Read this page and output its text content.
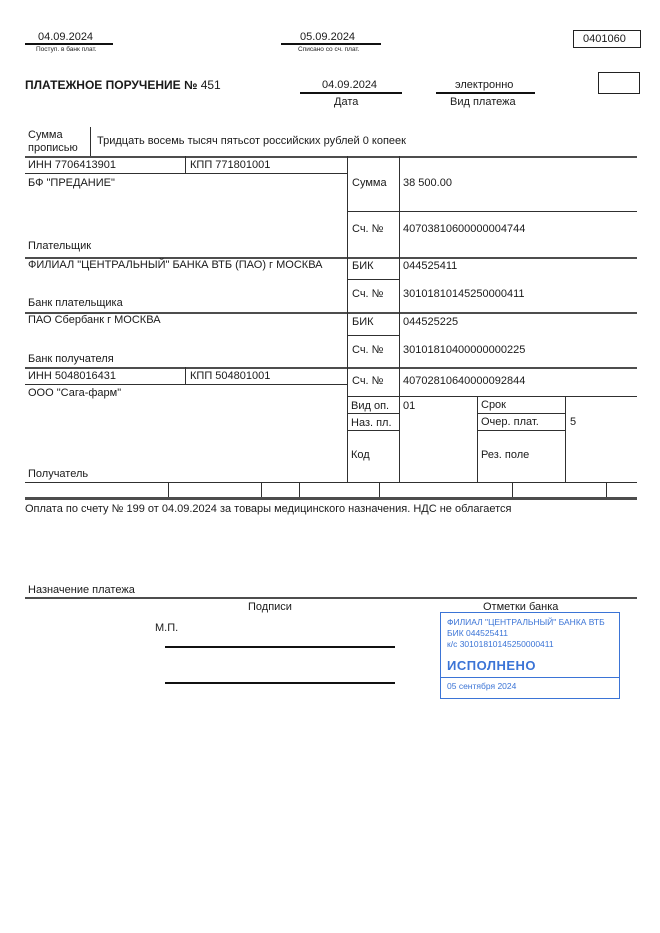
04.09.2024
Поступ. в банк плат.
05.09.2024
Списано со сч. плат.
0401060
ПЛАТЕЖНОЕ ПОРУЧЕНИЕ № 451	04.09.2024
Дата
электронно
Вид платежа
Сумма
прописью
Тридцать восемь тысяч пятьсот российских рублей 0 копеек
ИНН 7706413901	КПП 771801001
БФ "ПРЕДАНИЕ"
Плательщик
Сумма 38 500.00
Сч. № 40703810600000004744
ФИЛИАЛ "ЦЕНТРАЛЬНЫЙ" БАНКА ВТБ (ПАО) г МОСКВА
Банк плательщика
БИК	044525411
Сч. № 30101810145250000411
ПАО Сбербанк г МОСКВА
Банк получателя
БИК	044525225
Сч. № 30101810400000000225
ИНН 5048016431	КПП 504801001
ООО "Сага-фарм"
Получатель
Сч. № 40702810640000092844
Вид оп. 01	Срок
Наз. пл.	Очер. плат.	5
Код	Рез. поле
Оплата по счету № 199 от 04.09.2024 за товары медицинского назначения. НДС не облагается
Назначение платежа
Подписи	Отметки банка
М.П.	ФИЛИАЛ "ЦЕНТРАЛЬНЫЙ" БАНКА ВТБ
БИК 044525411
к/с 30101810145250000411
ИСПОЛНЕНО
05 сентября 2024
